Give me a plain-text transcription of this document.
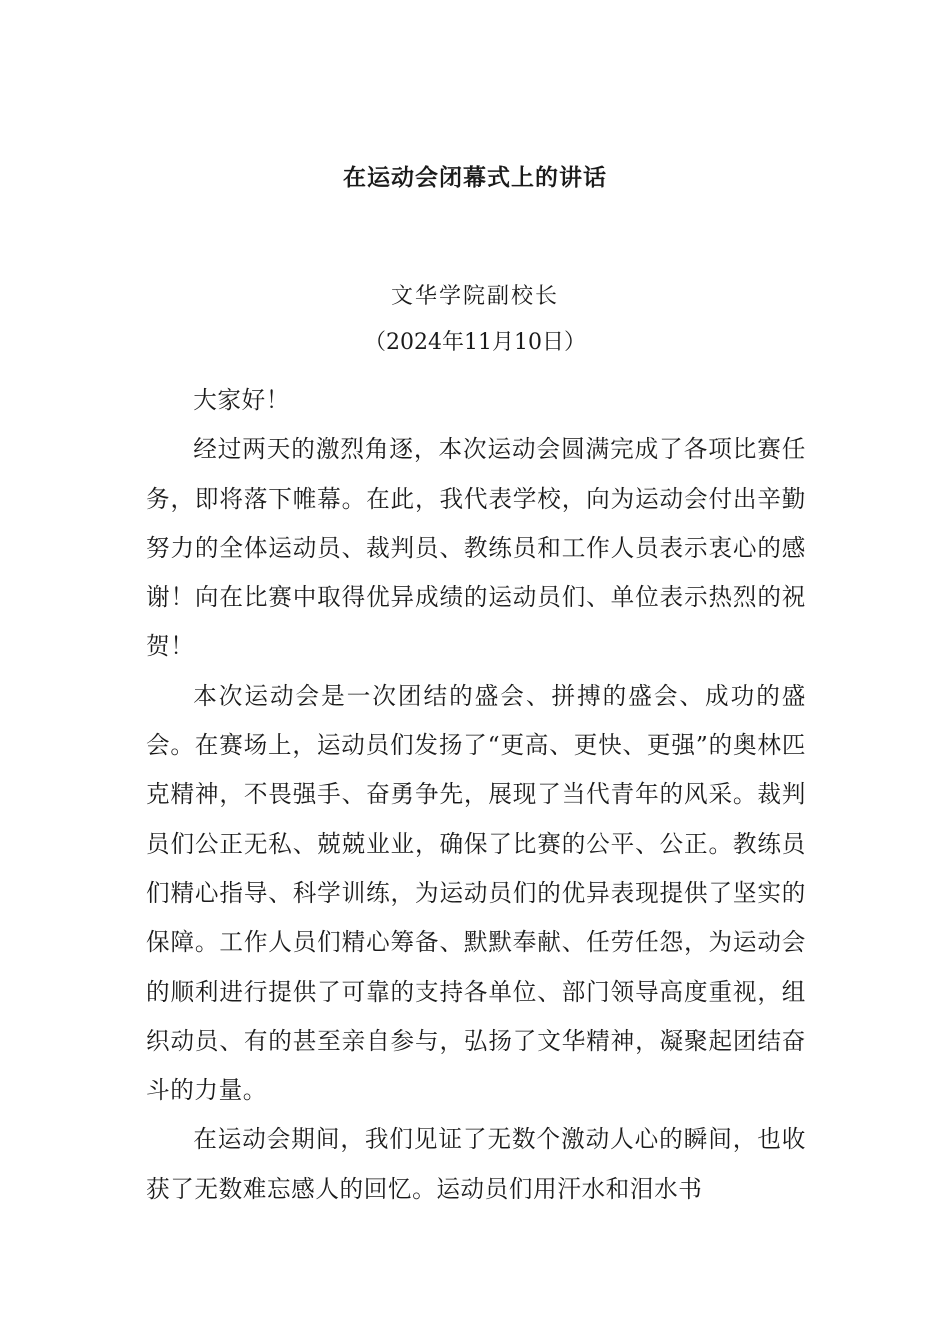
在运动会闭幕式上的讲话
文华学院副校长
（2024年11月10日）

大家好！

经过两天的激烈角逐，本次运动会圆满完成了各项比赛任务，即将落下帷幕。在此，我代表学校，向为运动会付出辛勤努力的全体运动员、裁判员、教练员和工作人员表示衷心的感谢！向在比赛中取得优异成绩的运动员们、单位表示热烈的祝贺！

本次运动会是一次团结的盛会、拼搏的盛会、成功的盛会。在赛场上，运动员们发扬了“更高、更快、更强”的奥林匹克精神，不畏强手、奋勇争先，展现了当代青年的风采。裁判员们公正无私、兢兢业业，确保了比赛的公平、公正。教练员们精心指导、科学训练，为运动员们的优异表现提供了坚实的保障。工作人员们精心筹备、默默奉献、任劳任怨，为运动会的顺利进行提供了可靠的支持各单位、部门领导高度重视，组织动员、有的甚至亲自参与，弘扬了文华精神，凝聚起团结奋斗的力量。

在运动会期间，我们见证了无数个激动人心的瞬间，也收获了无数难忘感人的回忆。运动员们用汗水和泪水书
